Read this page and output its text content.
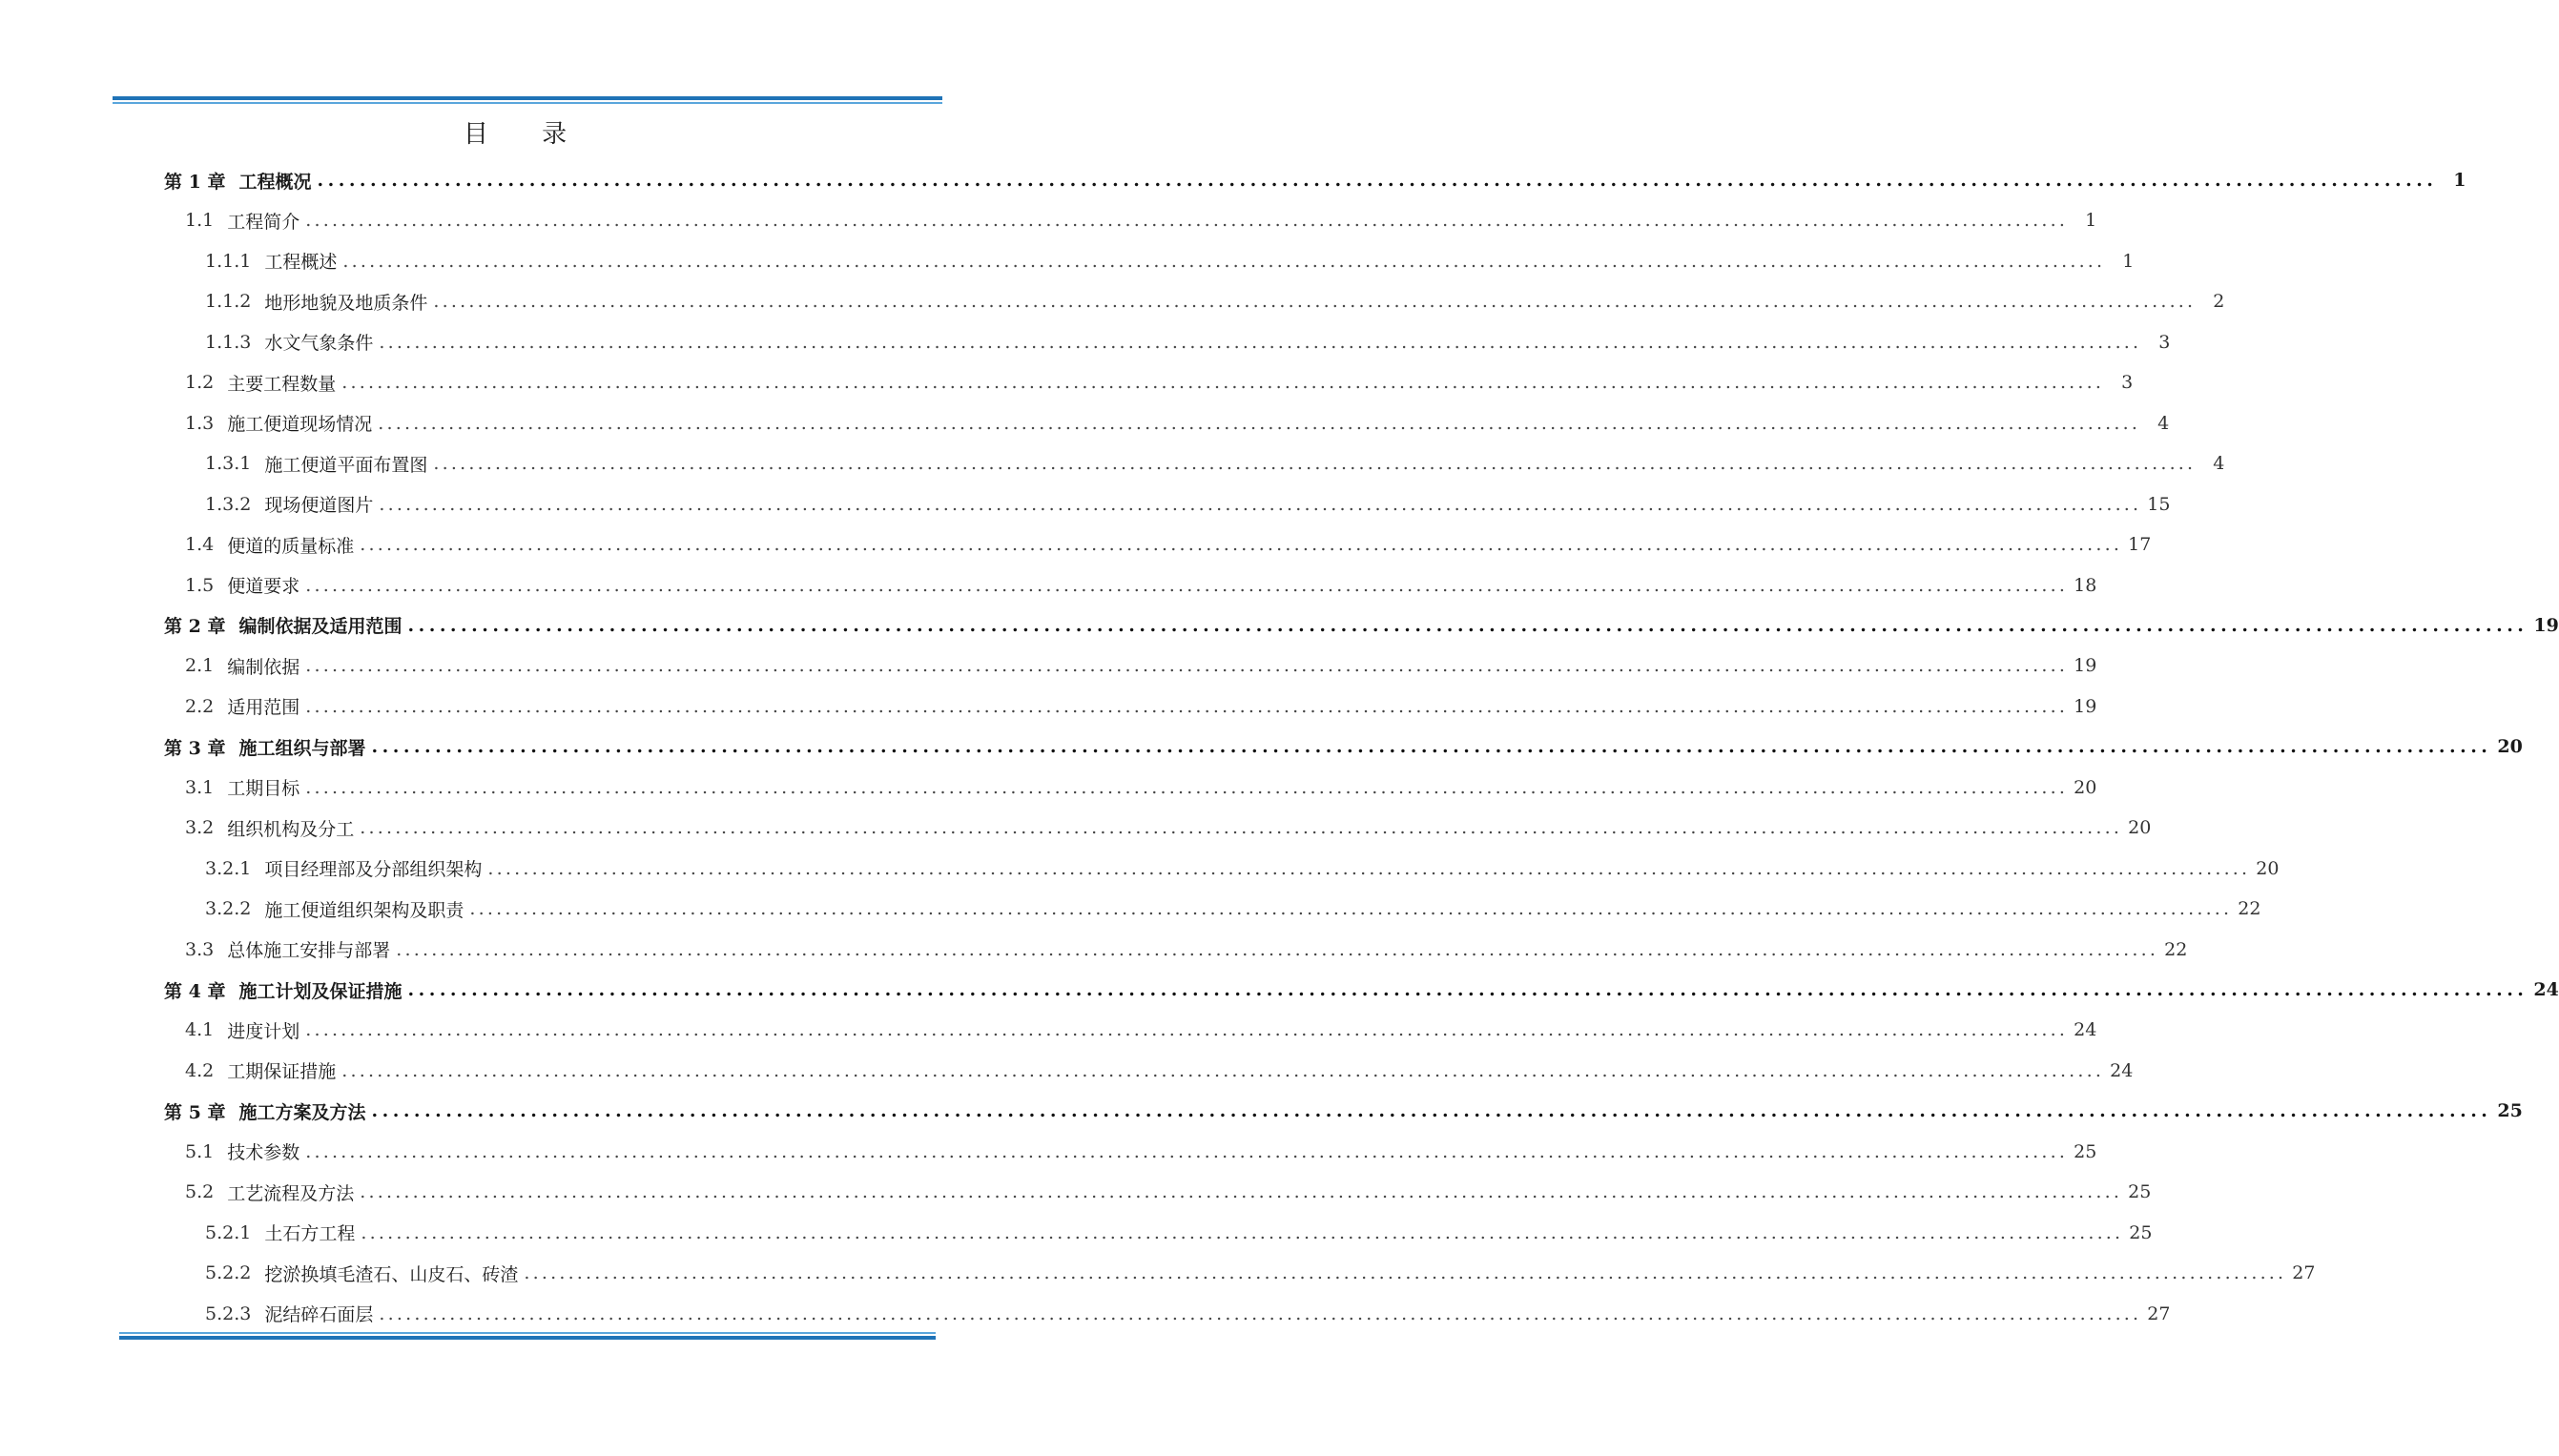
目 录
第 1 章 工程概况 ........................................................................................................................................................................................................ 1
1.1 工程简介 ........................................................................................................................................................................................................ 1
1.1.1 工程概述 ........................................................................................................................................................................................................ 1
1.1.2 地形地貌及地质条件 ........................................................................................................................................................................................................ 2
1.1.3 水文气象条件 ........................................................................................................................................................................................................ 3
1.2 主要工程数量 ........................................................................................................................................................................................................ 3
1.3 施工便道现场情况 ........................................................................................................................................................................................................ 4
1.3.1 施工便道平面布置图 ........................................................................................................................................................................................................ 4
1.3.2 现场便道图片 ........................................................................................................................................................................................................ 15
1.4 便道的质量标准 ........................................................................................................................................................................................................ 17
1.5 便道要求 ........................................................................................................................................................................................................ 18
第 2 章 编制依据及适用范围 ........................................................................................................................................................................................................ 19
2.1 编制依据 ........................................................................................................................................................................................................ 19
2.2 适用范围 ........................................................................................................................................................................................................ 19
第 3 章 施工组织与部署 ........................................................................................................................................................................................................ 20
3.1 工期目标 ........................................................................................................................................................................................................ 20
3.2 组织机构及分工 ........................................................................................................................................................................................................ 20
3.2.1 项目经理部及分部组织架构 ........................................................................................................................................................................................................ 20
3.2.2 施工便道组织架构及职责 ........................................................................................................................................................................................................ 22
3.3 总体施工安排与部署 ........................................................................................................................................................................................................ 22
第 4 章 施工计划及保证措施 ........................................................................................................................................................................................................ 24
4.1 进度计划 ........................................................................................................................................................................................................ 24
4.2 工期保证措施 ........................................................................................................................................................................................................ 24
第 5 章 施工方案及方法 ........................................................................................................................................................................................................ 25
5.1 技术参数 ........................................................................................................................................................................................................ 25
5.2 工艺流程及方法 ........................................................................................................................................................................................................ 25
5.2.1 土石方工程 ........................................................................................................................................................................................................ 25
5.2.2 挖淤换填毛渣石、山皮石、砖渣 ........................................................................................................................................................................................................ 27
5.2.3 泥结碎石面层 ........................................................................................................................................................................................................ 27
